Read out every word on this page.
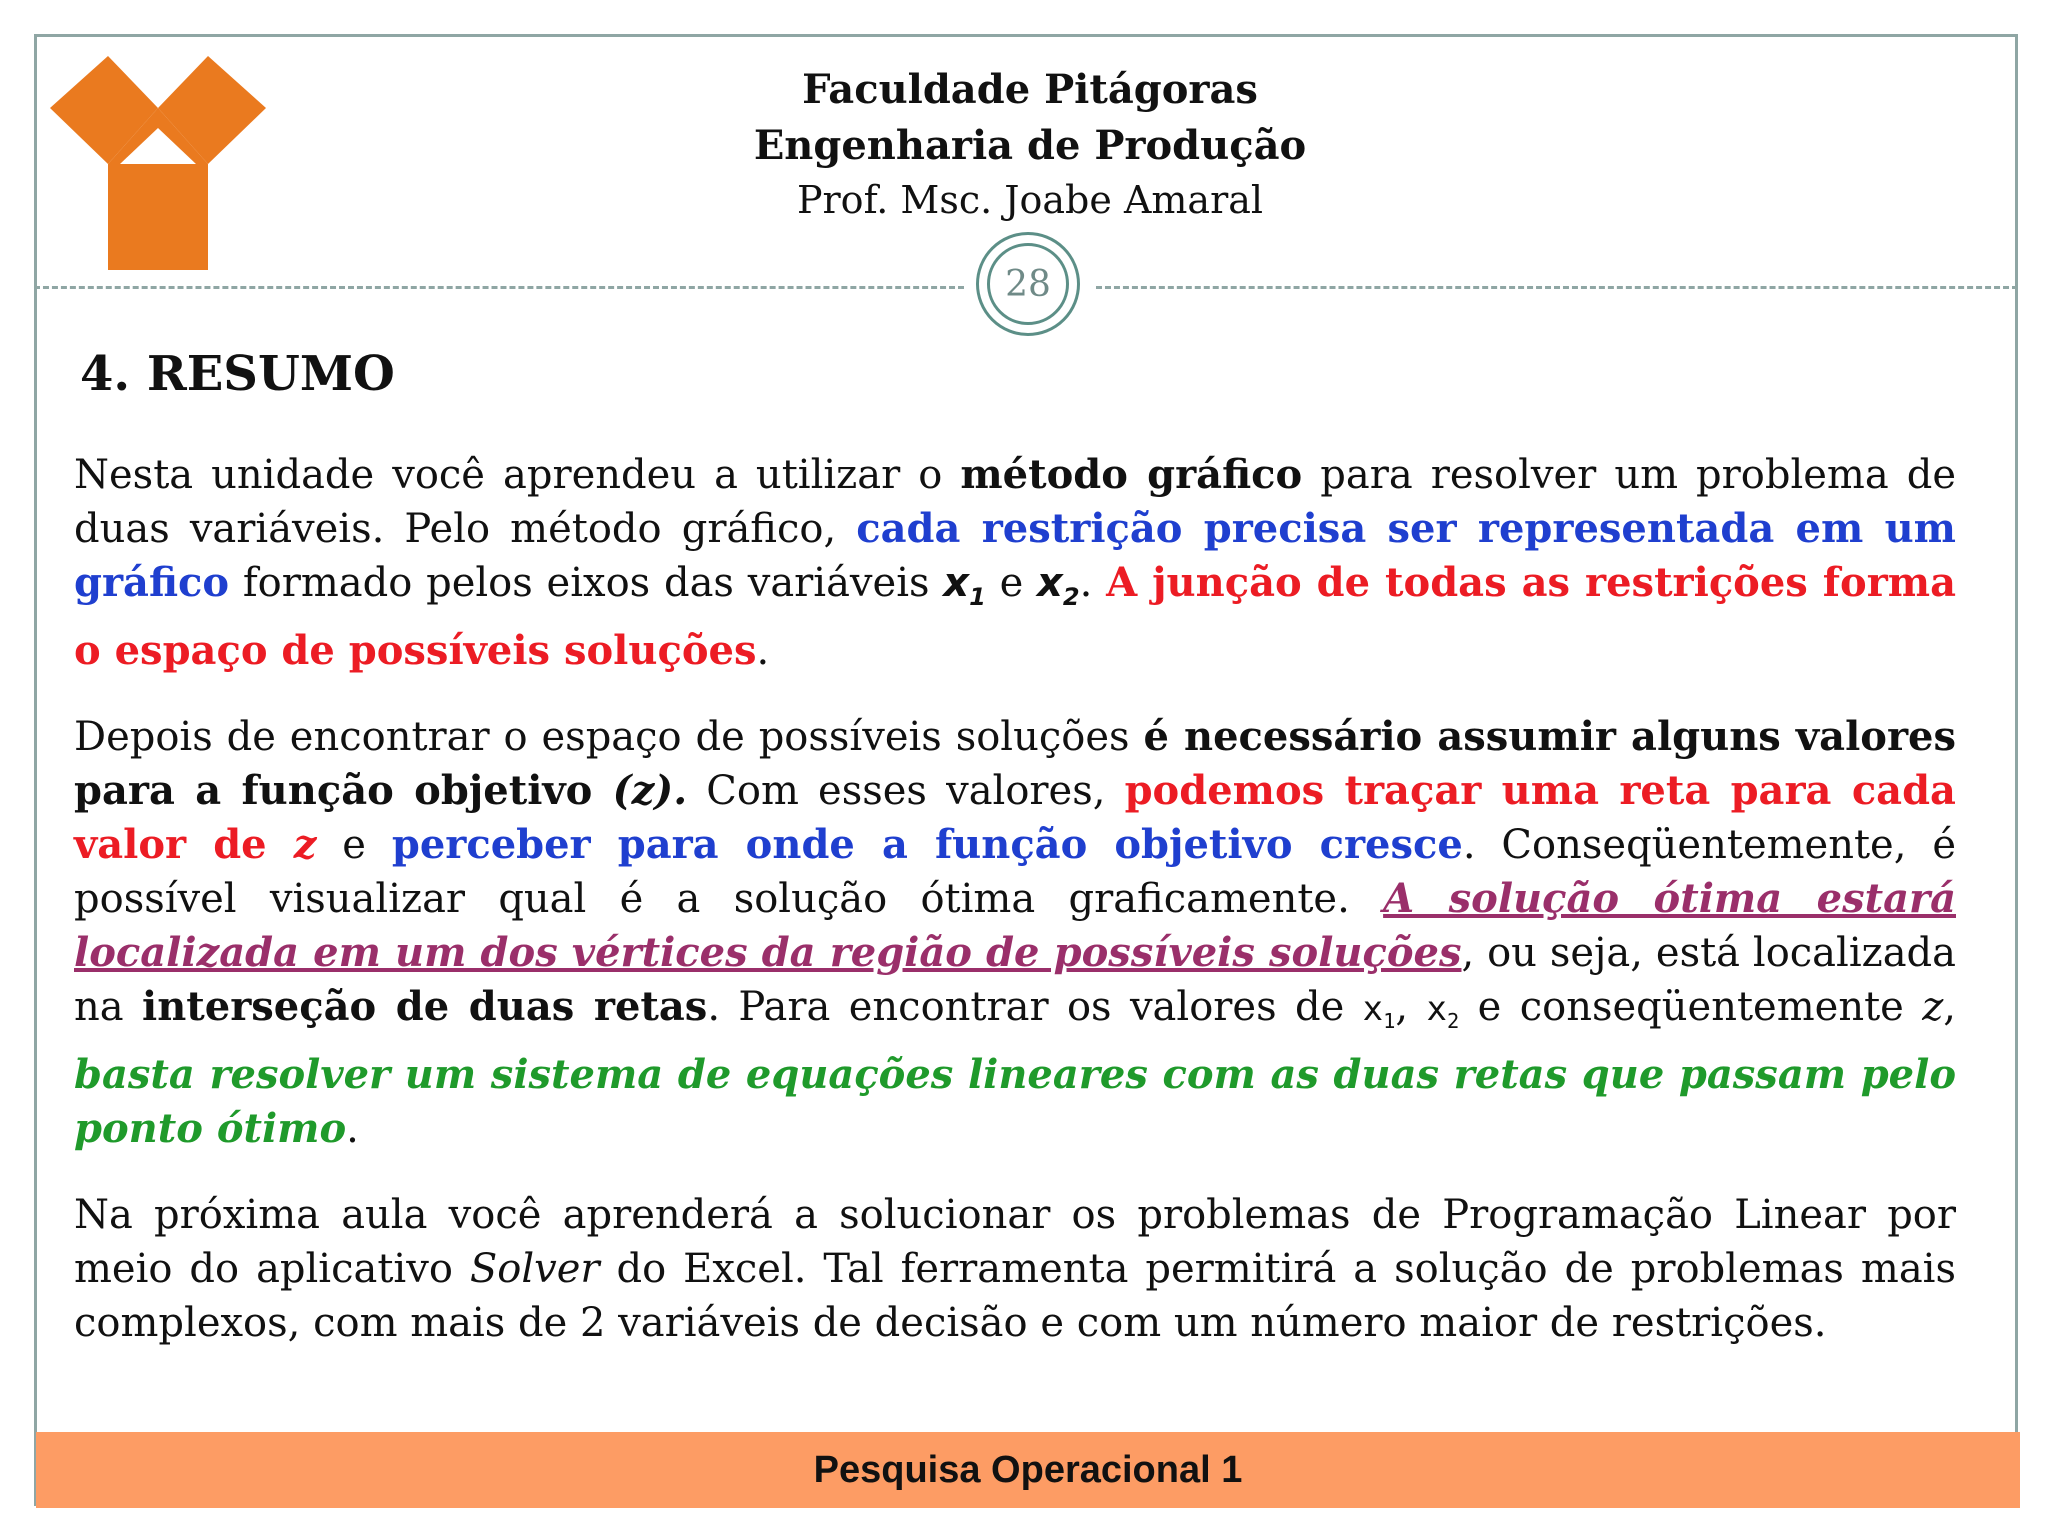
Faculdade Pitágoras
Engenharia de Produção
Prof. Msc. Joabe Amaral
28
4. RESUMO

Nesta unidade você aprendeu a utilizar o método gráfico para resolver um problema de duas variáveis. Pelo método gráfico, cada restrição precisa ser representada em um gráfico formado pelos eixos das variáveis $x_1$ e $x_2$. A junção de todas as restrições forma o espaço de possíveis soluções.

Depois de encontrar o espaço de possíveis soluções é necessário assumir alguns valores para a função objetivo (z). Com esses valores, podemos traçar uma reta para cada valor de z e perceber para onde a função objetivo cresce. Conseqüentemente, é possível visualizar qual é a solução ótima graficamente. A solução ótima estará localizada em um dos vértices da região de possíveis soluções, ou seja, está localizada na interseção de duas retas. Para encontrar os valores de $x_1$, $x_2$ e conseqüentemente z, basta resolver um sistema de equações lineares com as duas retas que passam pelo ponto ótimo.

Na próxima aula você aprenderá a solucionar os problemas de Programação Linear por meio do aplicativo Solver do Excel. Tal ferramenta permitirá a solução de problemas mais complexos, com mais de 2 variáveis de decisão e com um número maior de restrições.

Pesquisa Operacional 1
